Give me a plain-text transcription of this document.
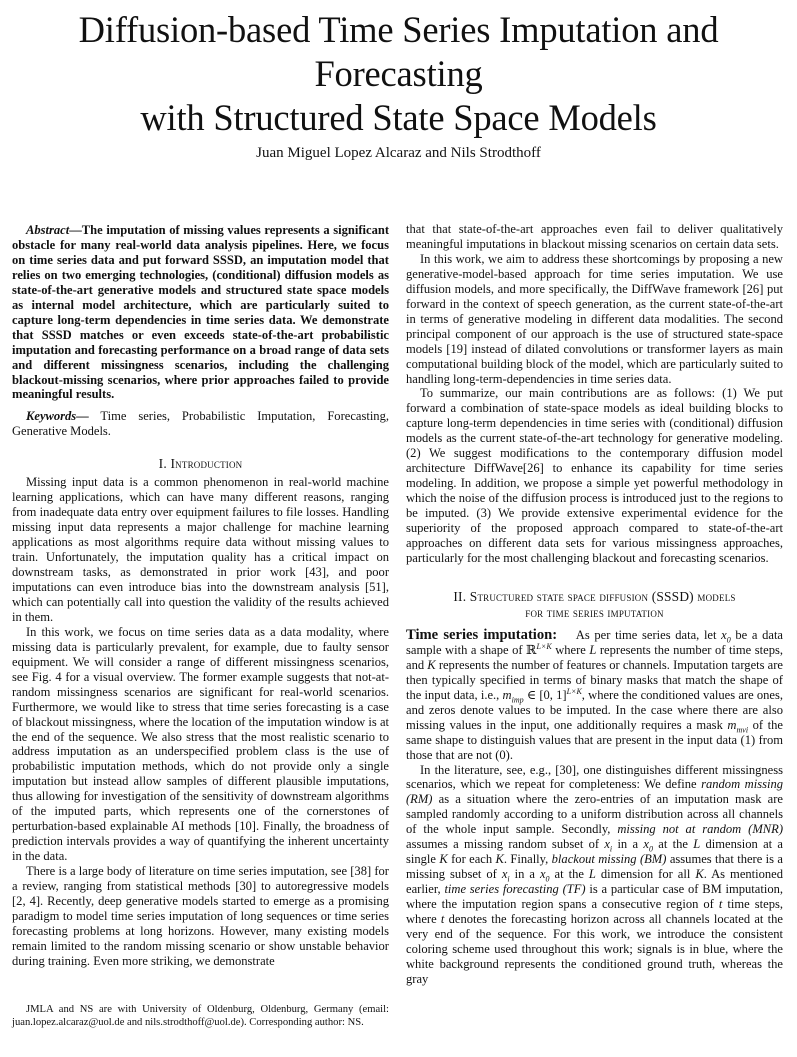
Diffusion-based Time Series Imputation and
Forecasting
with Structured State Space Models
Juan Miguel Lopez Alcaraz and Nils Strodthoff

Abstract—The imputation of missing values represents a significant obstacle for many real-world data analysis pipelines. Here, we focus on time series data and put forward SSSD, an imputation model that relies on two emerging technologies, (conditional) diffusion models as state-of-the-art generative models and structured state space models as internal model architecture, which are particularly suited to capture long-term dependencies in time series data. We demonstrate that SSSD matches or even exceeds state-of-the-art probabilistic imputation and forecasting performance on a broad range of data sets and different missingness scenarios, including the challenging blackout-missing scenarios, where prior approaches failed to provide meaningful results.

Keywords— Time series, Probabilistic Imputation, Forecasting, Generative Models.

I. Introduction

Missing input data is a common phenomenon in real-world machine learning applications, which can have many different reasons, ranging from inadequate data entry over equipment failures to file losses. Handling missing input data represents a major challenge for machine learning applications as most algorithms require data without missing values to train. Unfortunately, the imputation quality has a critical impact on downstream tasks, as demonstrated in prior work [43], and poor imputations can even introduce bias into the downstream analysis [51], which can potentially call into question the validity of the results achieved in them.

In this work, we focus on time series data as a data modality, where missing data is particularly prevalent, for example, due to faulty sensor equipment. We will consider a range of different missingness scenarios, see Fig. 4 for a visual overview. The former example suggests that not-at-random missingness scenarios are significant for real-world scenarios. Furthermore, we would like to stress that time series forecasting is a case of blackout missingness, where the location of the imputation window is at the end of the sequence. We also stress that the most realistic scenario to address imputation as an underspecified problem class is the use of probabilistic imputation methods, which do not provide only a single imputation but instead allow samples of different plausible imputations, thus allowing for investigation of the sensitivity of downstream algorithms of the imputed parts, which represents one of the cornerstones of perturbation-based explainable AI methods [10]. Finally, the broadness of prediction intervals provides a way of quantifying the inherent uncertainty in the data.

There is a large body of literature on time series imputation, see [38] for a review, ranging from statistical methods [30] to autoregressive models [2, 4]. Recently, deep generative models started to emerge as a promising paradigm to model time series imputation of long sequences or time series forecasting problems at long horizons. However, many existing models remain limited to the random missing scenario or show unstable behavior during training. Even more striking, we demonstrate

JMLA and NS are with University of Oldenburg, Oldenburg, Germany (email: juan.lopez.alcaraz@uol.de and nils.strodthoff@uol.de). Corresponding author: NS.

that that state-of-the-art approaches even fail to deliver qualitatively meaningful imputations in blackout missing scenarios on certain data sets.

In this work, we aim to address these shortcomings by proposing a new generative-model-based approach for time series imputation. We use diffusion models, and more specifically, the DiffWave framework [26] put forward in the context of speech generation, as the current state-of-the-art in terms of generative modeling in different data modalities. The second principal component of our approach is the use of structured state-space models [19] instead of dilated convolutions or transformer layers as main computational building block of the model, which are particularly suited to handling long-term-dependencies in time series data.

To summarize, our main contributions are as follows: (1) We put forward a combination of state-space models as ideal building blocks to capture long-term dependencies in time series with (conditional) diffusion models as the current state-of-the-art technology for generative modeling. (2) We suggest modifications to the contemporary diffusion model architecture DiffWave[26] to enhance its capability for time series modeling. In addition, we propose a simple yet powerful methodology in which the noise of the diffusion process is introduced just to the regions to be imputed. (3) We provide extensive experimental evidence for the superiority of the proposed approach compared to state-of-the-art approaches on different data sets for various missingness approaches, particularly for the most challenging blackout and forecasting scenarios.

II. Structured state space diffusion (SSSD) models
for time series imputation

Time series imputation: As per time series data, let $x_0$ be a data sample with a shape of ℝ$^{L\times K}$ where L represents the number of time steps, and K represents the number of features or channels. Imputation targets are then typically specified in terms of binary masks that match the shape of the input data, i.e., $m_{imp}$ ∈ [0, 1]$^{L\times K}$, where the conditioned values are ones, and zeros denote values to be imputed. In the case where there are also missing values in the input, one additionally requires a mask $m_{mvi}$ of the same shape to distinguish values that are present in the input data (1) from those that are not (0).

In the literature, see, e.g., [30], one distinguishes different missingness scenarios, which we repeat for completeness: We define random missing (RM) as a situation where the zero-entries of an imputation mask are sampled randomly according to a uniform distribution across all channels of the whole input sample. Secondly, missing not at random (MNR) assumes a missing random subset of $x_i$ in a $x_0$ at the L dimension at a single K for each K. Finally, blackout missing (BM) assumes that there is a missing subset of $x_i$ in a $x_0$ at the L dimension for all K. As mentioned earlier, time series forecasting (TF) is a particular case of BM imputation, where the imputation region spans a consecutive region of t time steps, where t denotes the forecasting horizon across all channels located at the very end of the sequence. For this work, we introduce the consistent coloring scheme used throughout this work; signals is in blue, where the white background represents the conditioned ground truth, whereas the gray
